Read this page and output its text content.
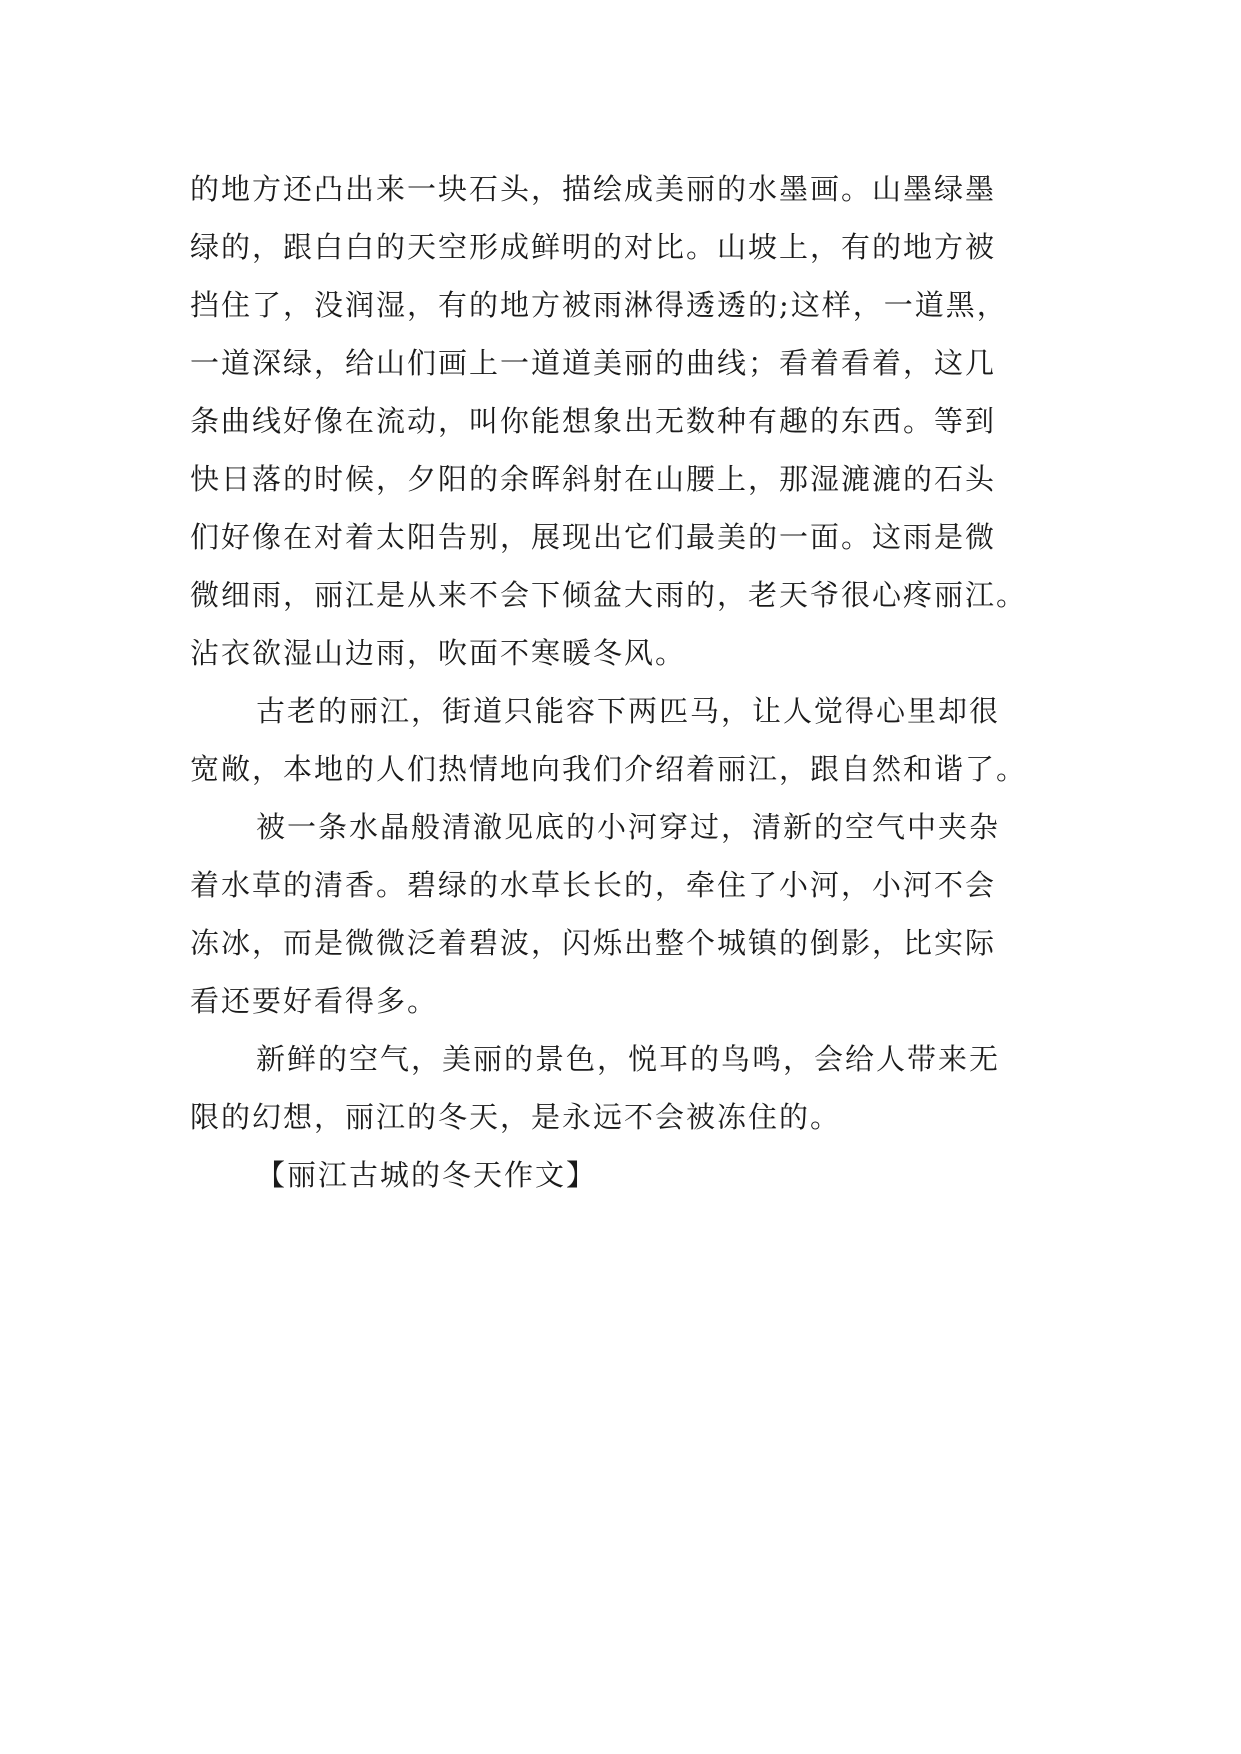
的地方还凸出来一块石头，描绘成美丽的水墨画。山墨绿墨
绿的，跟白白的天空形成鲜明的对比。山坡上，有的地方被
挡住了，没润湿，有的地方被雨淋得透透的;这样，一道黑，
一道深绿，给山们画上一道道美丽的曲线；看着看着，这几
条曲线好像在流动，叫你能想象出无数种有趣的东西。等到
快日落的时候，夕阳的余晖斜射在山腰上，那湿漉漉的石头
们好像在对着太阳告别，展现出它们最美的一面。这雨是微
微细雨，丽江是从来不会下倾盆大雨的，老天爷很心疼丽江。
沾衣欲湿山边雨，吹面不寒暖冬风。
古老的丽江，街道只能容下两匹马，让人觉得心里却很
宽敞，本地的人们热情地向我们介绍着丽江，跟自然和谐了。
被一条水晶般清澈见底的小河穿过，清新的空气中夹杂
着水草的清香。碧绿的水草长长的，牵住了小河，小河不会
冻冰，而是微微泛着碧波，闪烁出整个城镇的倒影，比实际
看还要好看得多。
新鲜的空气，美丽的景色，悦耳的鸟鸣，会给人带来无
限的幻想，丽江的冬天，是永远不会被冻住的。
【丽江古城的冬天作文】
